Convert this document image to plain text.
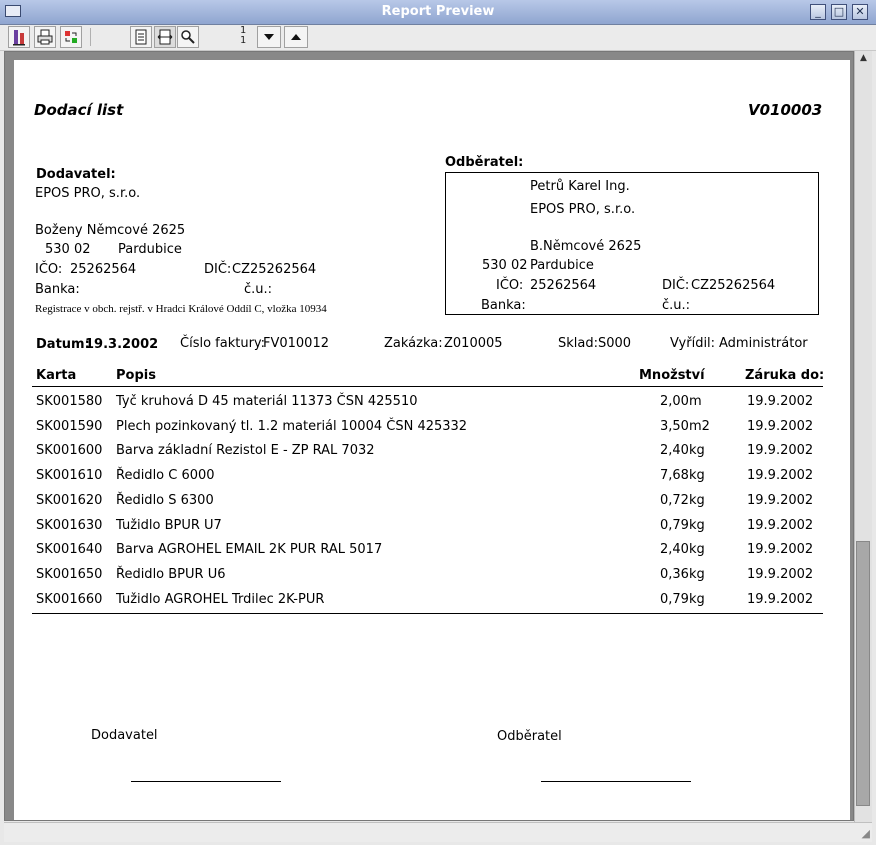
Report Preview	_	□	✕
1
1
Dodací list	V010003
Dodavatel:
EPOS PRO, s.r.o.
Boženy Němcové 2625
530 02 Pardubice
IČO: 25262564	DIČ: CZ25262564
Banka:	č.u.:
Registrace v obch. rejstř. v Hradci Králové Oddíl C, vložka 10934
Odběratel:
Petrů Karel Ing.
EPOS PRO, s.r.o.
B.Němcové 2625
530 02 Pardubice
IČO: 25262564	DIČ: CZ25262564
Banka:	č.u.:
Datum:
19.3.2002 Číslo faktury:
FV010012	Zakázka: Z010005	Sklad: S000	Vyřídil: Administrátor
Karta	Popis	Množství	Záruka do:
SK001580 Tyč kruhová D 45 materiál 11373 ČSN 425510	2,00 m	19.9.2002
SK001590 Plech pozinkovaný tl. 1.2 materiál 10004 ČSN 425332	3,50 m2	19.9.2002
SK001600 Barva základní Rezistol E - ZP RAL 7032	2,40 kg	19.9.2002
SK001610 Ředidlo C 6000	7,68 kg	19.9.2002
SK001620 Ředidlo S 6300	0,72 kg	19.9.2002
SK001630 Tužidlo BPUR U7	0,79 kg	19.9.2002
SK001640 Barva AGROHEL EMAIL 2K PUR RAL 5017	2,40 kg	19.9.2002
SK001650 Ředidlo BPUR U6	0,36 kg	19.9.2002
SK001660 Tužidlo AGROHEL Trdilec 2K-PUR	0,79 kg	19.9.2002
Dodavatel	Odběratel
▲
◢
